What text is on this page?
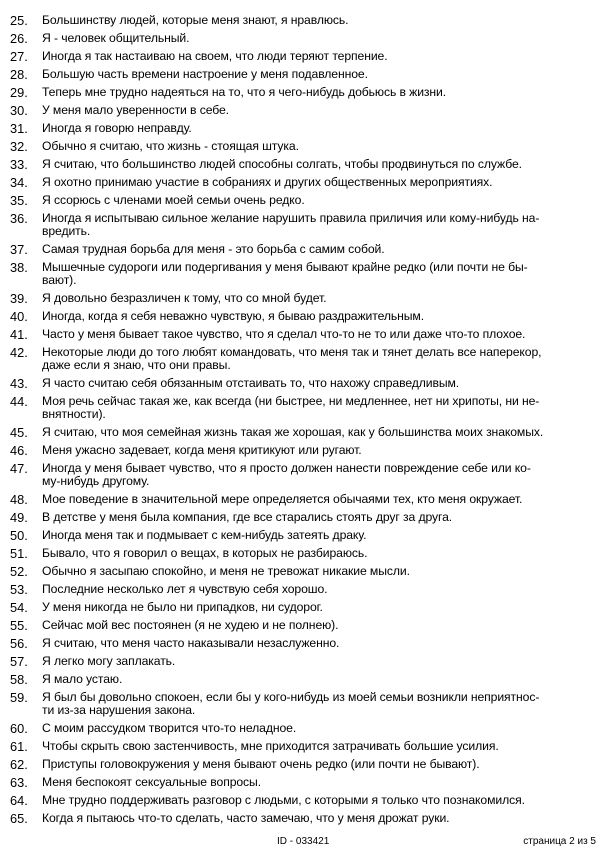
25.	Большинству людей, которые меня знают, я нравлюсь.
26.	Я - человек общительный.
27.	Иногда я так настаиваю на своем, что люди теряют терпение.
28.	Большую часть времени настроение у меня подавленное.
29.	Теперь мне трудно надеяться на то, что я чего-нибудь добьюсь в жизни.
30.	У меня мало уверенности в себе.
31.	Иногда я говорю неправду.
32.	Обычно я считаю, что жизнь - стоящая штука.
33.	Я считаю, что большинство людей способны солгать, чтобы продвинуться по службе.
34.	Я охотно принимаю участие в собраниях и других общественных мероприятиях.
35.	Я ссорюсь с членами моей семьи очень редко.
36.	Иногда я испытываю сильное желание нарушить правила приличия или кому-нибудь на-
вредить.
37.	Самая трудная борьба для меня - это борьба с самим собой.
38.	Мышечные судороги или подергивания у меня бывают крайне редко (или почти не бы-
вают).
39.	Я довольно безразличен к тому, что со мной будет.
40.	Иногда, когда я себя неважно чувствую, я бываю раздражительным.
41.	Часто у меня бывает такое чувство, что я сделал что-то не то или даже что-то плохое.
42.	Некоторые люди до того любят командовать, что меня так и тянет делать все наперекор,
даже если я знаю, что они правы.
43.	Я часто считаю себя обязанным отстаивать то, что нахожу справедливым.
44.	Моя речь сейчас такая же, как всегда (ни быстрее, ни медленнее, нет ни хрипоты, ни не-
внятности).
45.	Я считаю, что моя семейная жизнь такая же хорошая, как у большинства моих знакомых.
46.	Меня ужасно задевает, когда меня критикуют или ругают.
47.	Иногда у меня бывает чувство, что я просто должен нанести повреждение себе или ко-
му-нибудь другому.
48.	Мое поведение в значительной мере определяется обычаями тех, кто меня окружает.
49.	В детстве у меня была компания, где все старались стоять друг за друга.
50.	Иногда меня так и подмывает с кем-нибудь затеять драку.
51.	Бывало, что я говорил о вещах, в которых не разбираюсь.
52.	Обычно я засыпаю спокойно, и меня не тревожат никакие мысли.
53.	Последние несколько лет я чувствую себя хорошо.
54.	У меня никогда не было ни припадков, ни судорог.
55.	Сейчас мой вес постоянен (я не худею и не полнею).
56.	Я считаю, что меня часто наказывали незаслуженно.
57.	Я легко могу заплакать.
58.	Я мало устаю.
59.	Я был бы довольно спокоен, если бы у кого-нибудь из моей семьи возникли неприятнос-
ти из-за нарушения закона.
60.	С моим рассудком творится что-то неладное.
61.	Чтобы скрыть свою застенчивость, мне приходится затрачивать большие усилия.
62.	Приступы головокружения у меня бывают очень редко (или почти не бывают).
63.	Меня беспокоят сексуальные вопросы.
64.	Мне трудно поддерживать разговор с людьми, с которыми я только что познакомился.
65.	Когда я пытаюсь что-то сделать, часто замечаю, что у меня дрожат руки.
ID - 033421	страница 2 из 5
